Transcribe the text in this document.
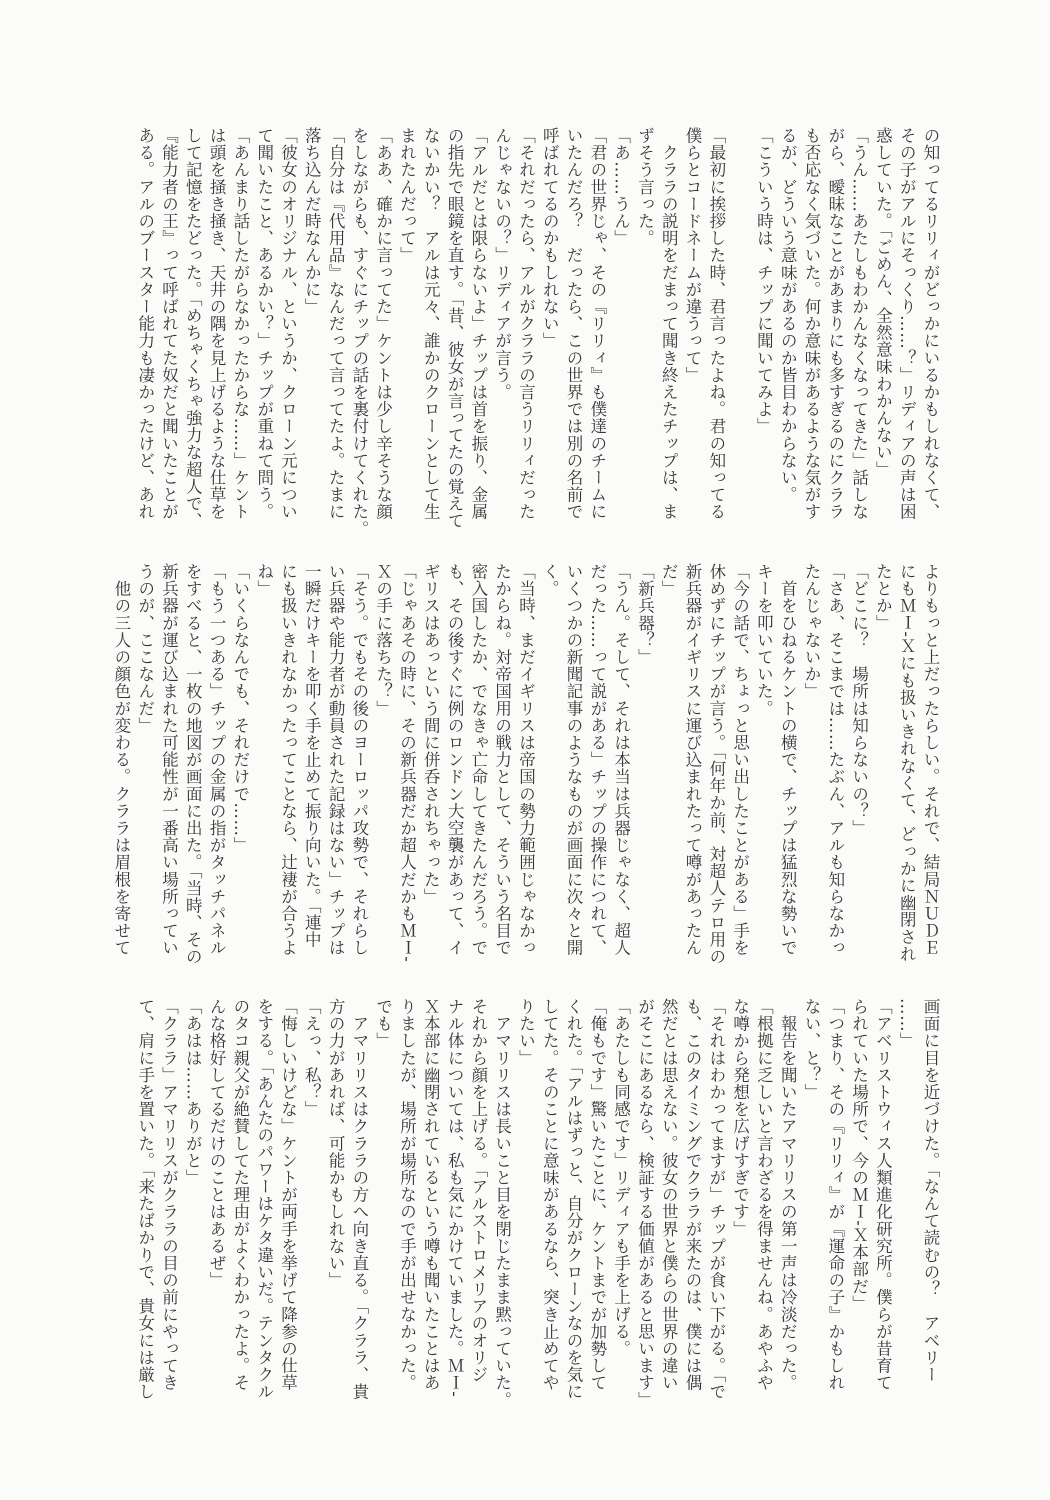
の知ってるリリィがどっかにいるかもしれなくて、
その子がアルにそっくり……？」リディアの声は困
惑していた。「ごめん、全然意味わかんない」
「うん……あたしもわかんなくなってきた」話しな
がら、曖昧なことがあまりにも多すぎるのにクララ
も否応なく気づいた。何か意味があるような気がす
るが、どういう意味があるのか皆目わからない。
「こういう時は、チップに聞いてみよ」

「最初に挨拶した時、君言ったよね。君の知ってる
僕らとコードネームが違うって」
　クララの説明をだまって聞き終えたチップは、ま
ずそう言った。
「あ……うん」
「君の世界じゃ、その『リリィ』も僕達のチームに
いたんだろ？　だったら、この世界では別の名前で
呼ばれてるのかもしれない」
「それだったら、アルがクララの言うリリィだった
んじゃないの？」リディアが言う。
「アルだとは限らないよ」チップは首を振り、金属
の指先で眼鏡を直す。「昔、彼女が言ってたの覚えて
ないかい？　アルは元々、誰かのクローンとして生
まれたんだって」
「ああ、確かに言ってた」ケントは少し辛そうな顔
をしながらも、すぐにチップの話を裏付けてくれた。
「自分は『代用品』なんだって言ってたよ。たまに
落ち込んだ時なんかに」
「彼女のオリジナル、というか、クローン元につい
て聞いたこと、あるかい？」チップが重ねて問う。
「あんまり話したがらなかったからな……」ケント
は頭を掻き掻き、天井の隅を見上げるような仕草を
して記憶をたどった。「めちゃくちゃ強力な超人で、
『能力者の王』って呼ばれてた奴だと聞いたことが
ある。アルのブースター能力も凄かったけど、あれ
よりもっと上だったらしい。それで、結局ＮＵＤＥ
にもＭＩ‐Ｘにも扱いきれなくて、どっかに幽閉され
たとか」
「どこに？　場所は知らないの？」
「さあ、そこまでは……たぶん、アルも知らなかっ
たんじゃないか」
　首をひねるケントの横で、チップは猛烈な勢いで
キーを叩いていた。
「今の話で、ちょっと思い出したことがある」手を
休めずにチップが言う。「何年か前、対超人テロ用の
新兵器がイギリスに運び込まれたって噂があったん
だ」
「新兵器？」
「うん。そして、それは本当は兵器じゃなく、超人
だった……って説がある」チップの操作につれて、
いくつかの新聞記事のようなものが画面に次々と開
く。
「当時、まだイギリスは帝国の勢力範囲じゃなかっ
たからね。対帝国用の戦力として、そういう名目で
密入国したか、でなきゃ亡命してきたんだろう。で
も、その後すぐに例のロンドン大空襲があって、イ
ギリスはあっという間に併呑されちゃった」
「じゃあその時に、その新兵器だか超人だかもＭＩ‐
Ｘの手に落ちた？」
「そう。でもその後のヨーロッパ攻勢で、それらし
い兵器や能力者が動員された記録はない」チップは
一瞬だけキーを叩く手を止めて振り向いた。「連中
にも扱いきれなかったってことなら、辻褄が合うよ
ね」
「いくらなんでも、それだけで……」
「もう一つある」チップの金属の指がタッチパネル
をすべると、一枚の地図が画面に出た。「当時、その
新兵器が運び込まれた可能性が一番高い場所ってい
うのが、ここなんだ」
　他の三人の顔色が変わる。クララは眉根を寄せて
画面に目を近づけた。「なんて読むの？　アベリー
……」
「アベリストウィス人類進化研究所。僕らが昔育て
られていた場所で、今のＭＩ‐Ｘ本部だ」
「つまり、その『リリィ』が『運命の子』かもしれ
ない、と？」
　報告を聞いたアマリリスの第一声は冷淡だった。
「根拠に乏しいと言わざるを得ませんね。あやふや
な噂から発想を広げすぎです」
「それはわかってますが」チップが食い下がる。「で
も、このタイミングでクララが来たのは、僕には偶
然だとは思えない。彼女の世界と僕らの世界の違い
がそこにあるなら、検証する価値があると思います」
「あたしも同感です」リディアも手を上げる。
「俺もです」驚いたことに、ケントまでが加勢して
くれた。「アルはずっと、自分がクローンなのを気に
してた。そのことに意味があるなら、突き止めてや
りたい」
　アマリリスは長いこと目を閉じたまま黙っていた。
それから顔を上げる。「アルストロメリアのオリジ
ナル体については、私も気にかけていました。ＭＩ‐
Ｘ本部に幽閉されているという噂も聞いたことはあ
りましたが、場所が場所なので手が出せなかった。
でも」
　アマリリスはクララの方へ向き直る。「クララ、貴
方の力があれば、可能かもしれない」
「えっ、私？」
「悔しいけどな」ケントが両手を挙げて降参の仕草
をする。「あんたのパワーはケタ違いだ。テンタクル
のタコ親父が絶賛してた理由がよくわかったよ。そ
んな格好してるだけのことはあるぜ」
「あはは……ありがと」
「クララ」アマリリスがクララの目の前にやってき
て、肩に手を置いた。「来たばかりで、貴女には厳し
